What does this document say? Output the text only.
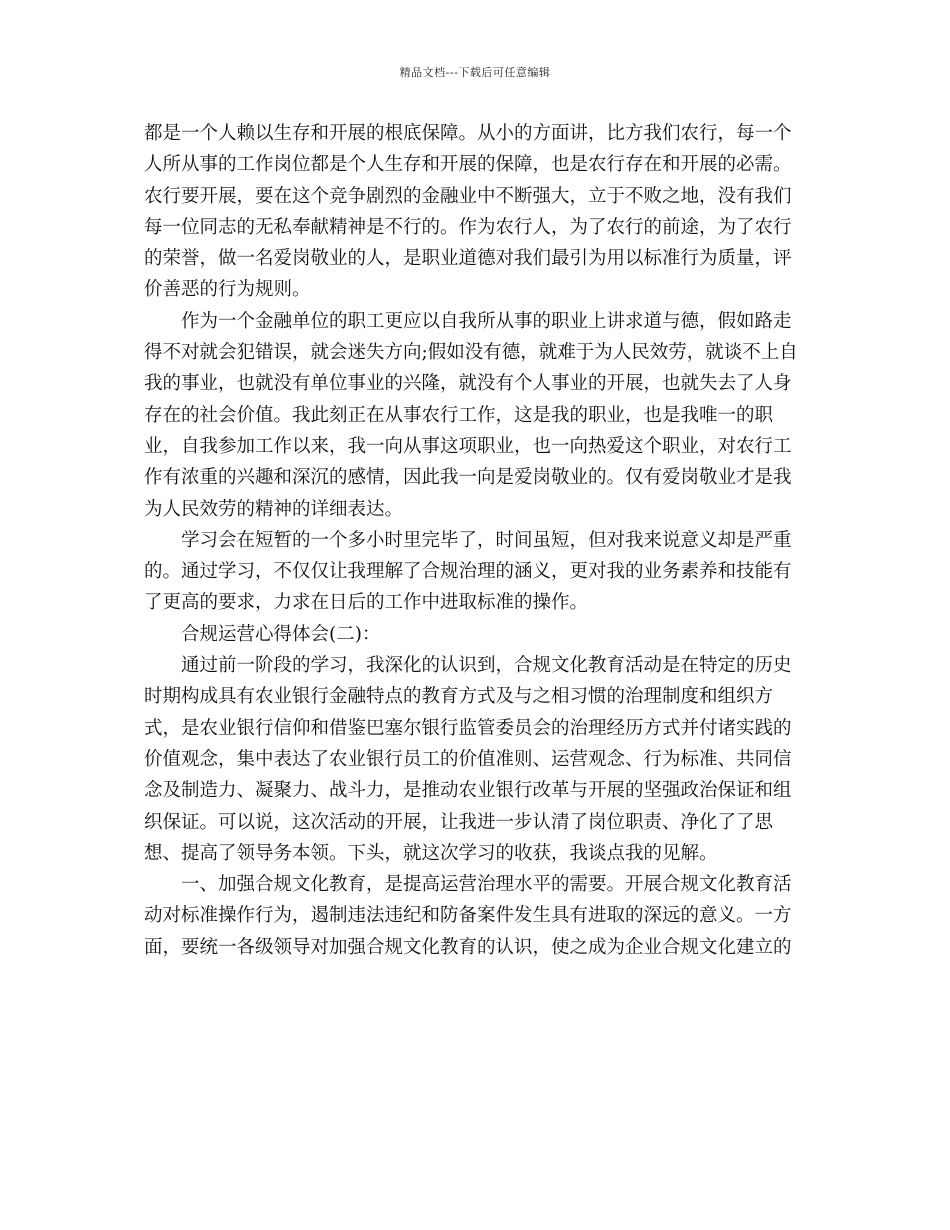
精品文档---下载后可任意编辑
都是一个人赖以生存和开展的根底保障。从小的方面讲，比方我们农行，每一个
人所从事的工作岗位都是个人生存和开展的保障，也是农行存在和开展的必需。
农行要开展，要在这个竞争剧烈的金融业中不断强大，立于不败之地，没有我们
每一位同志的无私奉献精神是不行的。作为农行人，为了农行的前途，为了农行
的荣誉，做一名爱岗敬业的人，是职业道德对我们最引为用以标准行为质量，评
价善恶的行为规则。
　　作为一个金融单位的职工更应以自我所从事的职业上讲求道与德，假如路走
得不对就会犯错误，就会迷失方向;假如没有德，就难于为人民效劳，就谈不上自
我的事业，也就没有单位事业的兴隆，就没有个人事业的开展，也就失去了人身
存在的社会价值。我此刻正在从事农行工作，这是我的职业，也是我唯一的职
业，自我参加工作以来，我一向从事这项职业，也一向热爱这个职业，对农行工
作有浓重的兴趣和深沉的感情，因此我一向是爱岗敬业的。仅有爱岗敬业才是我
为人民效劳的精神的详细表达。
　　学习会在短暂的一个多小时里完毕了，时间虽短，但对我来说意义却是严重
的。通过学习，不仅仅让我理解了合规治理的涵义，更对我的业务素养和技能有
了更高的要求，力求在日后的工作中进取标准的操作。
　　合规运营心得体会(二)：
　　通过前一阶段的学习，我深化的认识到，合规文化教育活动是在特定的历史
时期构成具有农业银行金融特点的教育方式及与之相习惯的治理制度和组织方
式，是农业银行信仰和借鉴巴塞尔银行监管委员会的治理经历方式并付诸实践的
价值观念，集中表达了农业银行员工的价值准则、运营观念、行为标准、共同信
念及制造力、凝聚力、战斗力，是推动农业银行改革与开展的坚强政治保证和组
织保证。可以说，这次活动的开展，让我进一步认清了岗位职责、净化了了思
想、提高了领导务本领。下头，就这次学习的收获，我谈点我的见解。
　　一、加强合规文化教育，是提高运营治理水平的需要。开展合规文化教育活
动对标准操作行为，遏制违法违纪和防备案件发生具有进取的深远的意义。一方
面，要统一各级领导对加强合规文化教育的认识，使之成为企业合规文化建立的
